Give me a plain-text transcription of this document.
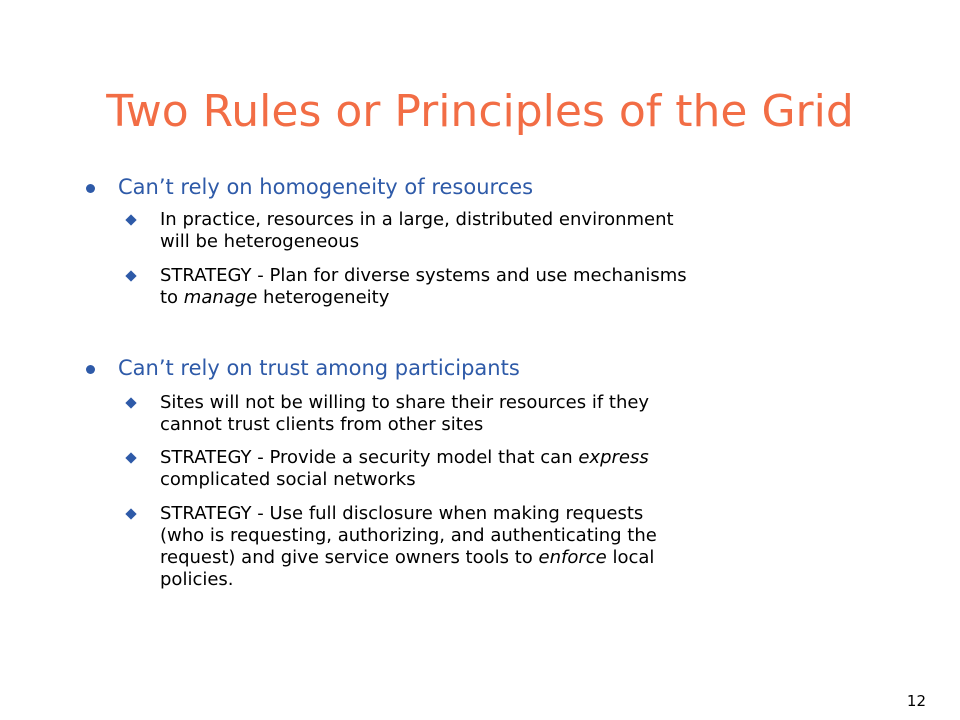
Two Rules or Principles of the Grid
Can’t rely on homogeneity of resources
In practice, resources in a large, distributed environment
will be heterogeneous
STRATEGY - Plan for diverse systems and use mechanisms
to manage heterogeneity
Can’t rely on trust among participants
Sites will not be willing to share their resources if they
cannot trust clients from other sites
STRATEGY - Provide a security model that can express
complicated social networks
STRATEGY - Use full disclosure when making requests
(who is requesting, authorizing, and authenticating the
request) and give service owners tools to enforce local
policies.
12
